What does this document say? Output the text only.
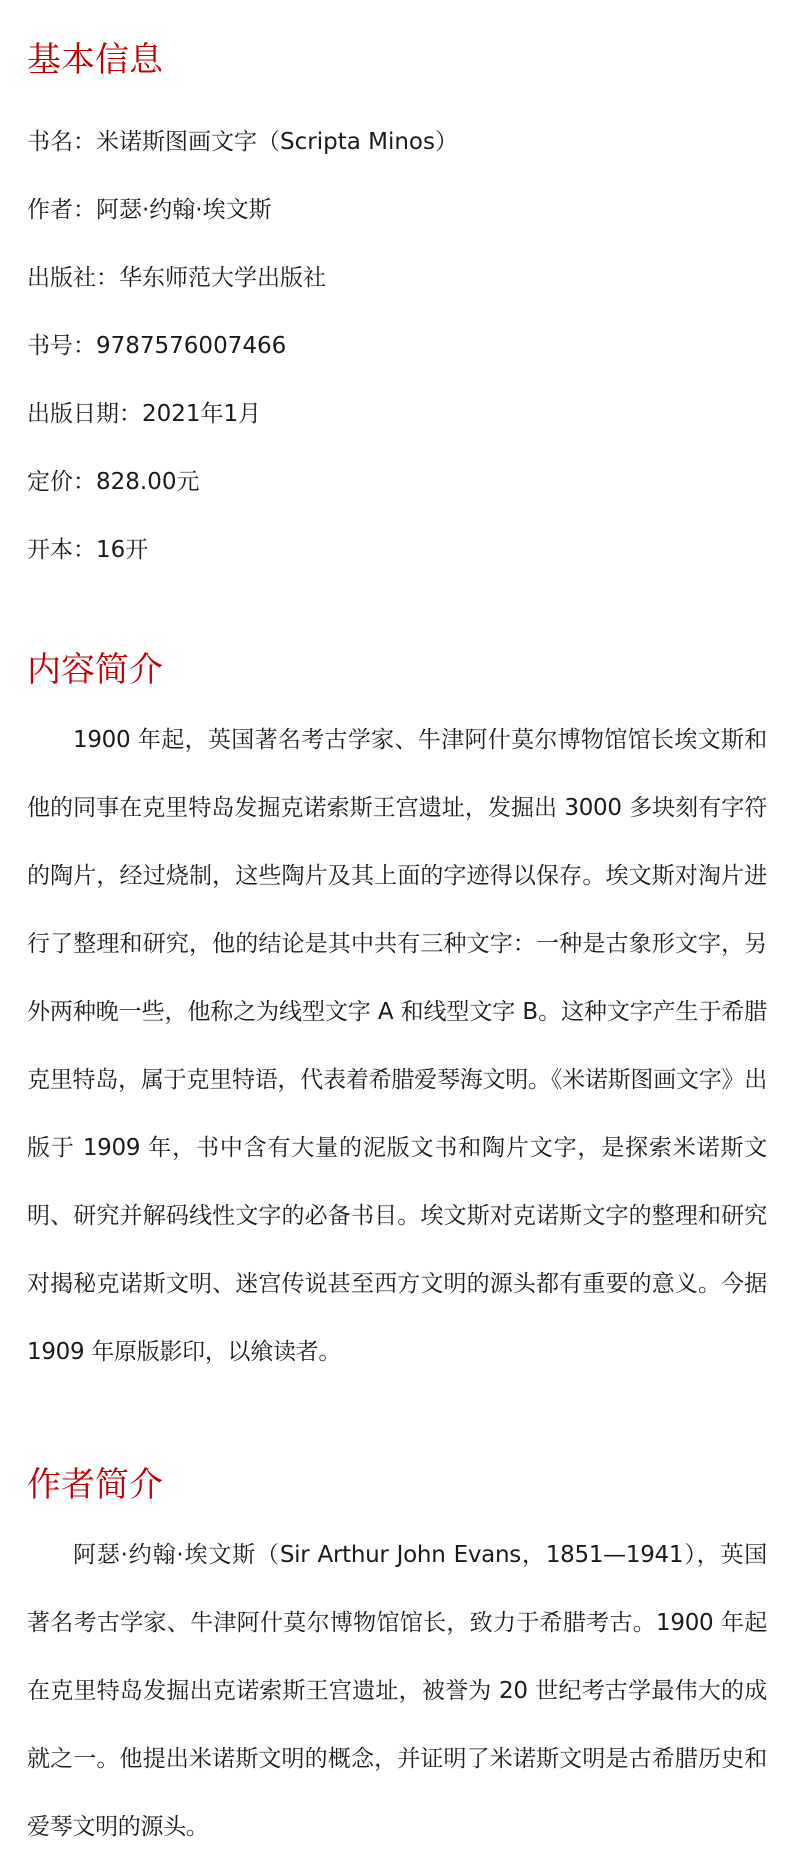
基本信息
书名：米诺斯图画文字（Scripta Minos）
作者：阿瑟·约翰·埃文斯
出版社：华东师范大学出版社
书号：9787576007466
出版日期：2021年1月
定价：828.00元
开本：16开
内容简介

1900 年起，英国著名考古学家、牛津阿什莫尔博物馆馆长埃文斯和他的同事在克里特岛发掘克诺索斯王宫遗址，发掘出 3000 多块刻有字符的陶片，经过烧制，这些陶片及其上面的字迹得以保存。埃文斯对淘片进行了整理和研究，他的结论是其中共有三种文字：一种是古象形文字，另外两种晚一些，他称之为线型文字 A 和线型文字 B。这种文字产生于希腊克里特岛，属于克里特语，代表着希腊爱琴海文明。《米诺斯图画文字》出版于 1909 年，书中含有大量的泥版文书和陶片文字，是探索米诺斯文明、研究并解码线性文字的必备书目。埃文斯对克诺斯文字的整理和研究对揭秘克诺斯文明、迷宫传说甚至西方文明的源头都有重要的意义。今据 1909 年原版影印，以飨读者。

作者简介

阿瑟·约翰·埃文斯（Sir Arthur John Evans，1851—1941），英国著名考古学家、牛津阿什莫尔博物馆馆长，致力于希腊考古。1900 年起在克里特岛发掘出克诺索斯王宫遗址，被誉为 20 世纪考古学最伟大的成就之一。他提出米诺斯文明的概念，并证明了米诺斯文明是古希腊历史和爱琴文明的源头。
